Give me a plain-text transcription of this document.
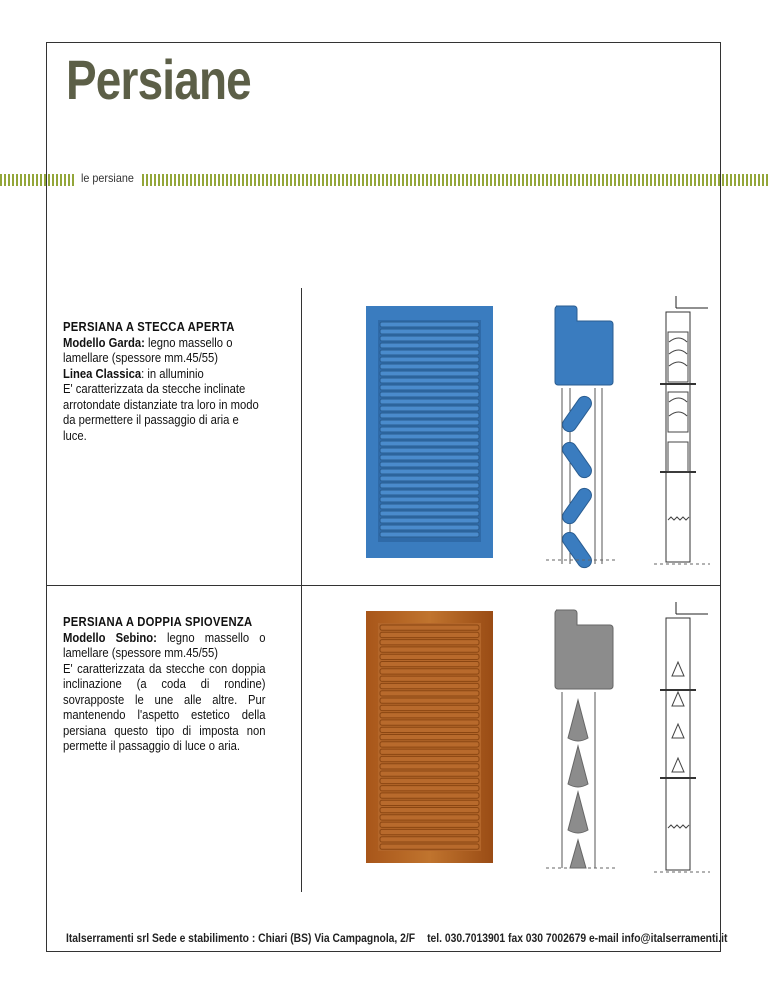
Persiane
le persiane
PERSIANA A STECCA APERTA
Modello Garda: legno massello o lamellare (spessore mm.45/55)
Linea Classica: in alluminio
E' caratterizzata da stecche inclinate arrotondate distanziate tra loro in modo da permettere il passaggio di aria e luce.
PERSIANA A DOPPIA SPIOVENZA
Modello Sebino: legno massello o lamellare (spessore mm.45/55)
E' caratterizzata da stecche con doppia inclinazione (a coda di rondine) sovrapposte le une alle altre. Pur mantenendo l'aspetto estetico della persiana questo tipo di imposta non permette il passaggio di luce o aria.
Italserramenti srl Sede e stabilimento : Chiari (BS) Via Campagnola, 2/F tel. 030.7013901 fax 030 7002679 e-mail info@italserramenti.it
